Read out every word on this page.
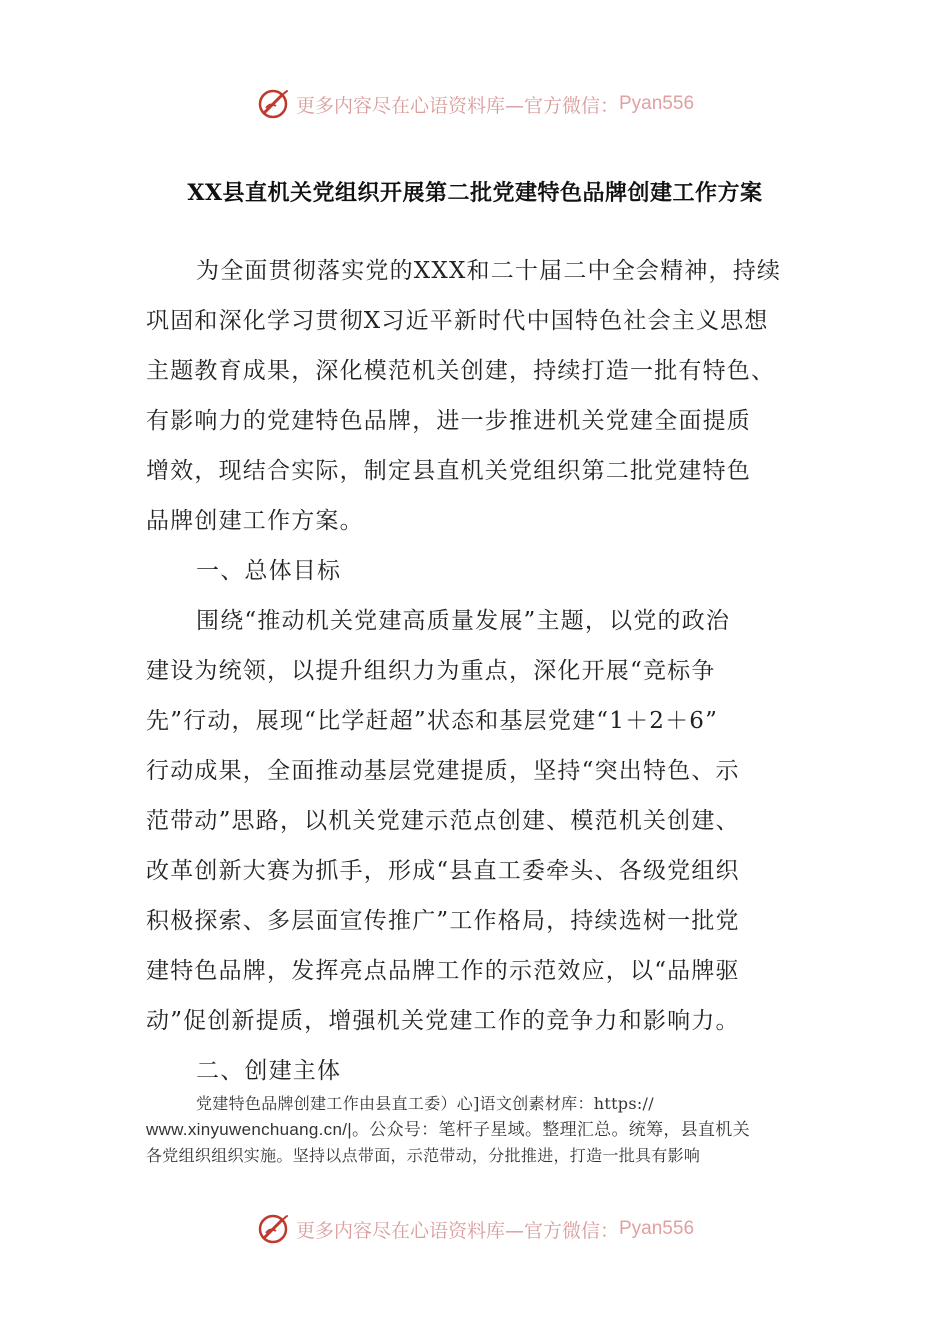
更多内容尽在心语资料库—官方微信： Pyan556
XX县直机关党组织开展第二批党建特色品牌创建工作方案
为全面贯彻落实党的XXX和二十届二中全会精神，持续
巩固和深化学习贯彻X习近平新时代中国特色社会主义思想
主题教育成果，深化模范机关创建，持续打造一批有特色、
有影响力的党建特色品牌，进一步推进机关党建全面提质
增效，现结合实际，制定县直机关党组织第二批党建特色
品牌创建工作方案。
一、总体目标
围绕“推动机关党建高质量发展”主题，以党的政治
建设为统领，以提升组织力为重点，深化开展“竞标争
先”行动，展现“比学赶超”状态和基层党建“1＋2＋6”
行动成果，全面推动基层党建提质，坚持“突出特色、示
范带动”思路，以机关党建示范点创建、模范机关创建、
改革创新大赛为抓手，形成“县直工委牵头、各级党组织
积极探索、多层面宣传推广”工作格局，持续选树一批党
建特色品牌，发挥亮点品牌工作的示范效应，以“品牌驱
动”促创新提质，增强机关党建工作的竞争力和影响力。
二、创建主体
党建特色品牌创建工作由县直工委）心]语文创素材库：https://
www.xinyuwenchuang.cn/|。公众号：笔杆子星域。整理汇总。统筹，县直机关
各党组织组织实施。坚持以点带面，示范带动，分批推进，打造一批具有影响
更多内容尽在心语资料库—官方微信： Pyan556
